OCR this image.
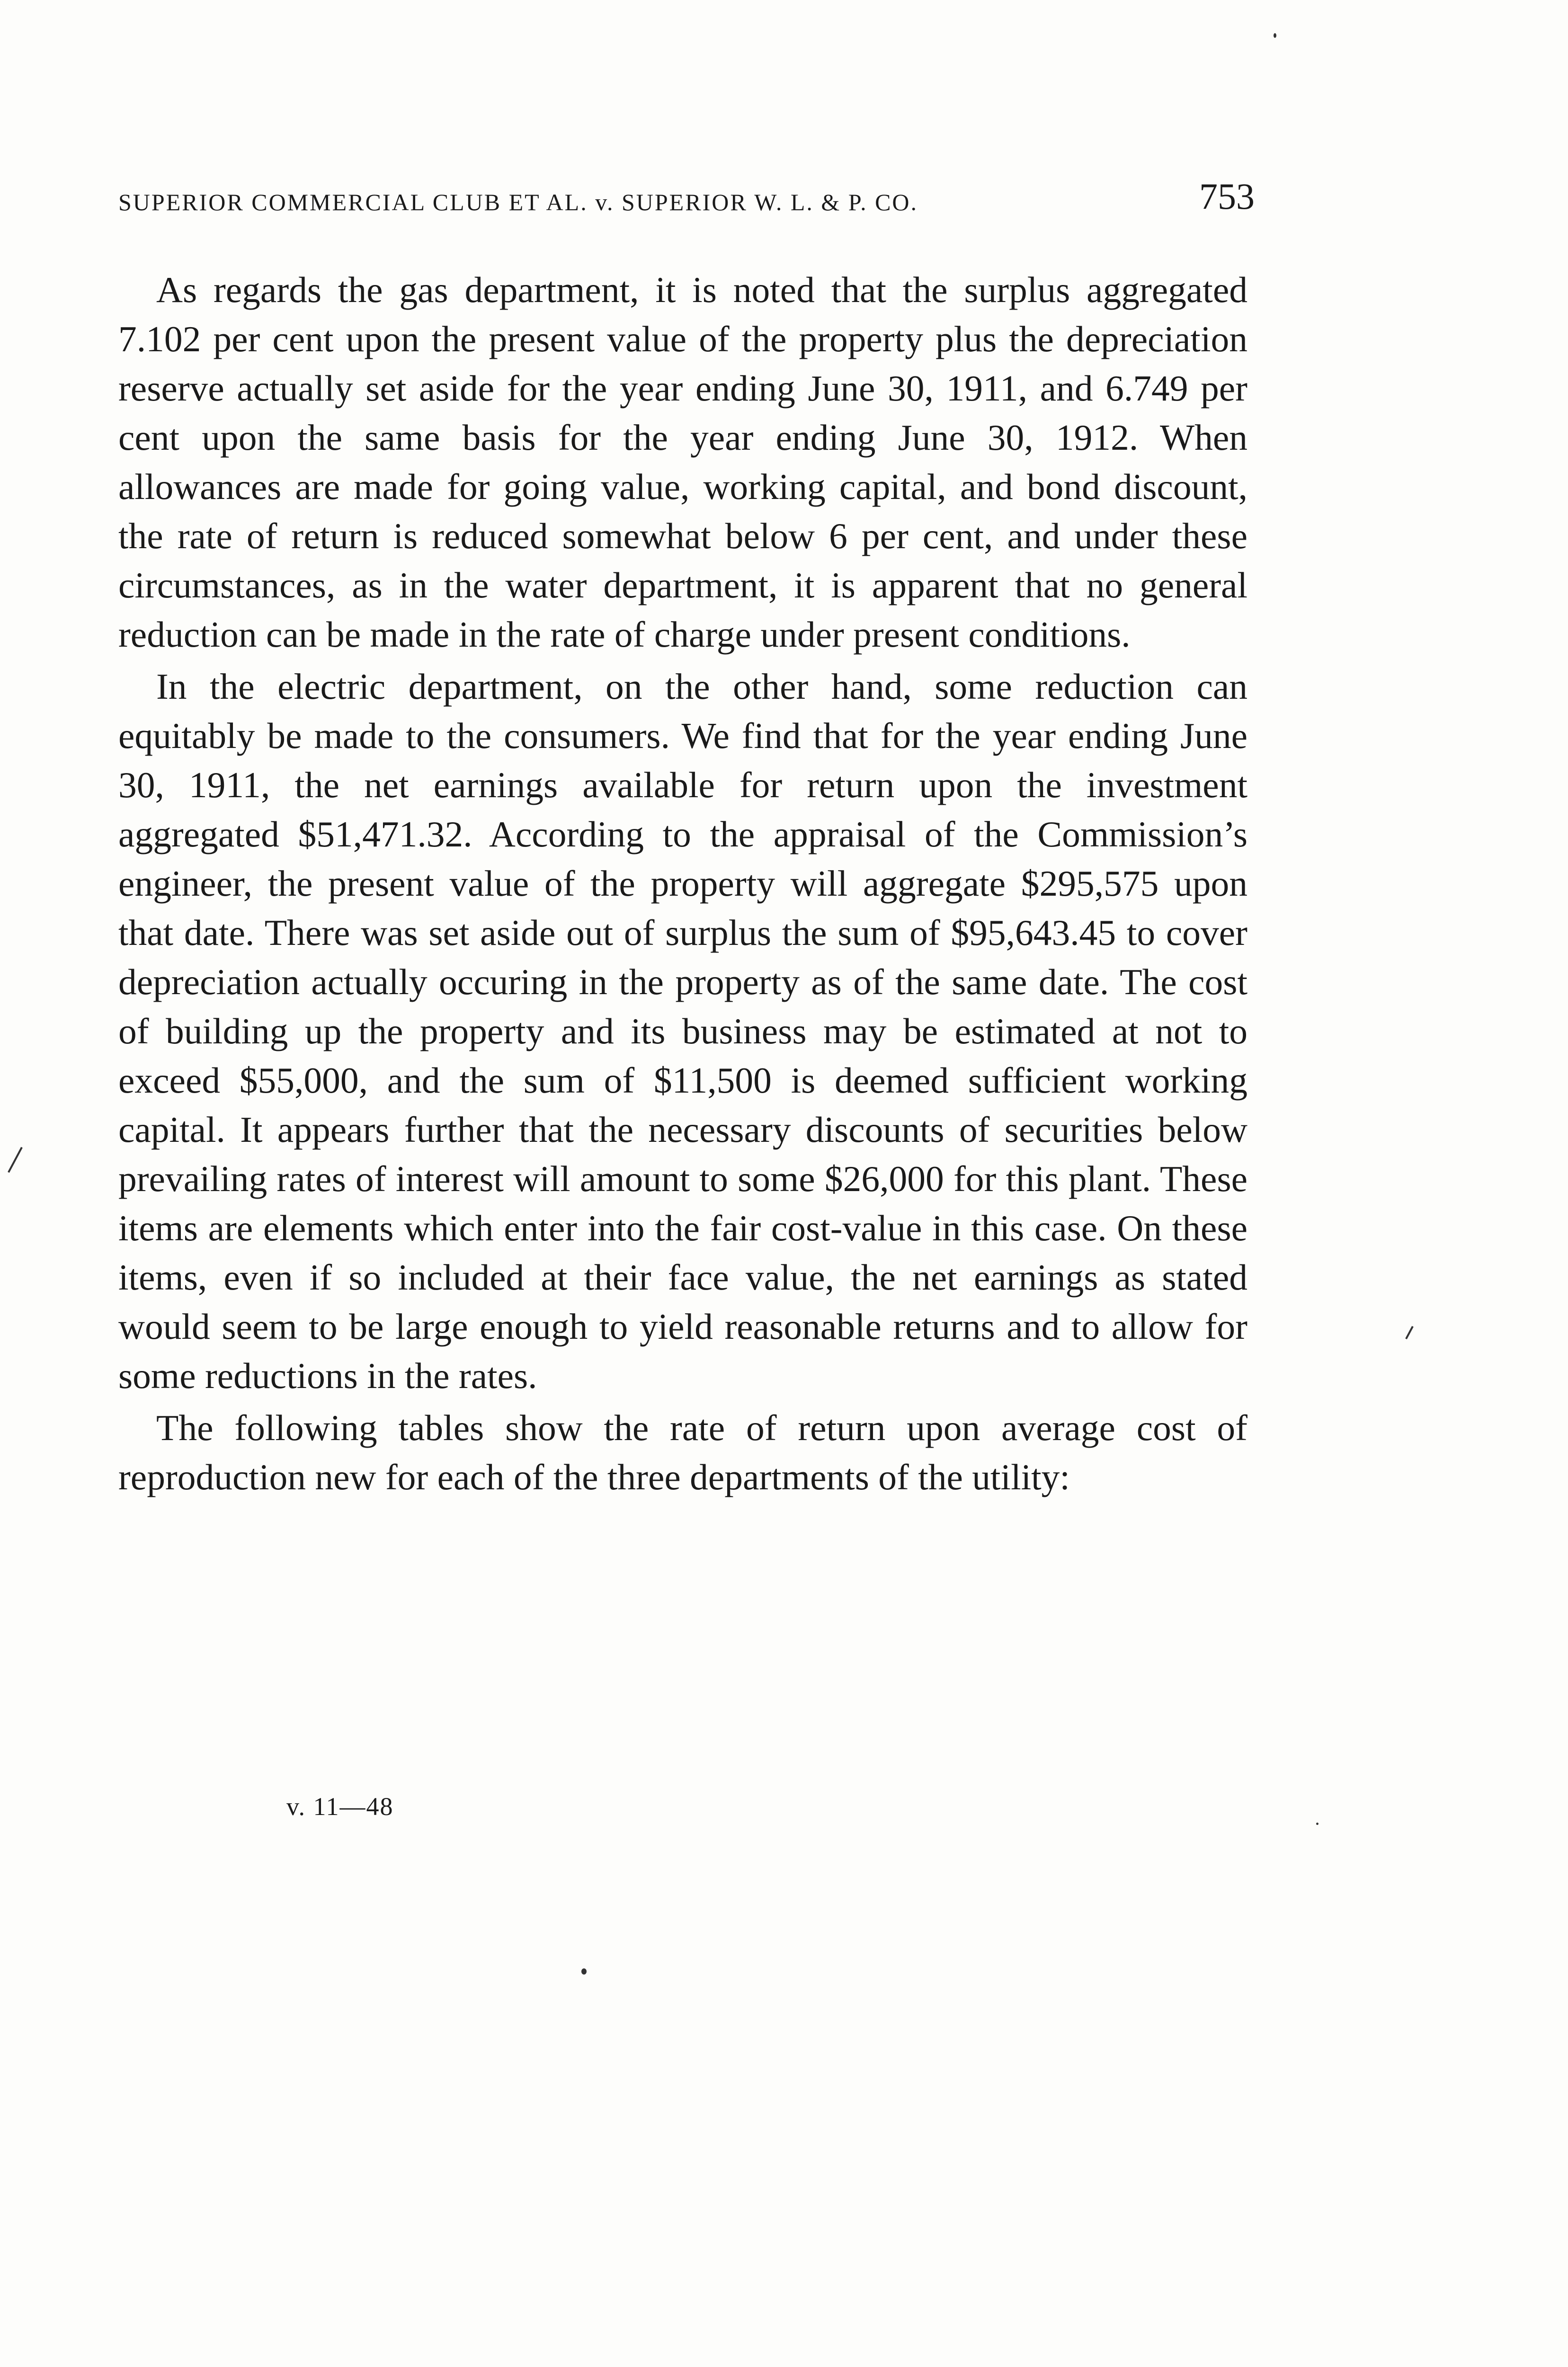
SUPERIOR COMMERCIAL CLUB ET AL. v. SUPERIOR W. L. & P. CO.	753

As regards the gas department, it is noted that the surplus aggregated 7.102 per cent upon the present value of the property plus the depreciation reserve actually set aside for the year ending June 30, 1911, and 6.749 per cent upon the same basis for the year ending June 30, 1912. When allowances are made for going value, working capital, and bond discount, the rate of return is reduced somewhat below 6 per cent, and under these circumstances, as in the water department, it is apparent that no general reduction can be made in the rate of charge under present conditions.

In the electric department, on the other hand, some reduction can equitably be made to the consumers. We find that for the year ending June 30, 1911, the net earnings available for return upon the investment aggregated $51,471.32. According to the appraisal of the Commission’s engineer, the present value of the property will aggregate $295,575 upon that date. There was set aside out of surplus the sum of $95,643.45 to cover depreciation actually occuring in the property as of the same date. The cost of building up the property and its business may be estimated at not to exceed $55,000, and the sum of $11,500 is deemed sufficient working capital. It appears further that the necessary discounts of securities below prevailing rates of interest will amount to some $26,000 for this plant. These items are elements which enter into the fair cost-value in this case. On these items, even if so included at their face value, the net earnings as stated would seem to be large enough to yield reasonable returns and to allow for some reductions in the rates.

The following tables show the rate of return upon average cost of reproduction new for each of the three departments of the utility:

v. 11—48
